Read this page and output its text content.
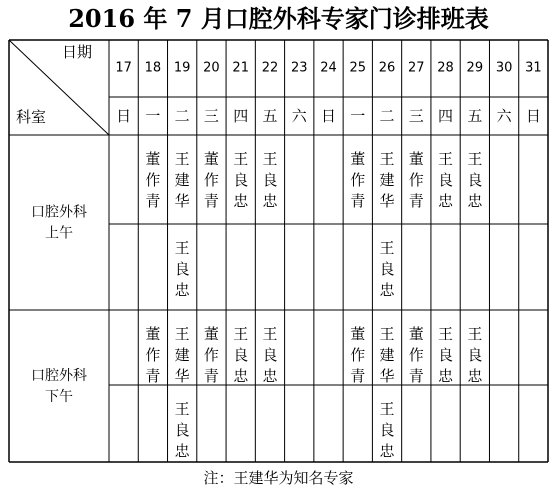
2016 年 7 月口腔外科专家门诊排班表
日期
科室
17
日
18
一
19
二
20
三
21
四
22
五
23
六
24
日
25
一
26
二
27
三
28
四
29
五
30
六
31
日
口腔外科
上午
董
作
青
王
建
华
董
作
青
王
良
忠
王
良
忠
董
作
青
王
建
华
董
作
青
王
良
忠
王
良
忠
王
良
忠
王
良
忠
口腔外科
下午
董
作
青
王
建
华
董
作
青
王
良
忠
王
良
忠
董
作
青
王
建
华
董
作
青
王
良
忠
王
良
忠
王
良
忠
王
良
忠
注：王建华为知名专家
